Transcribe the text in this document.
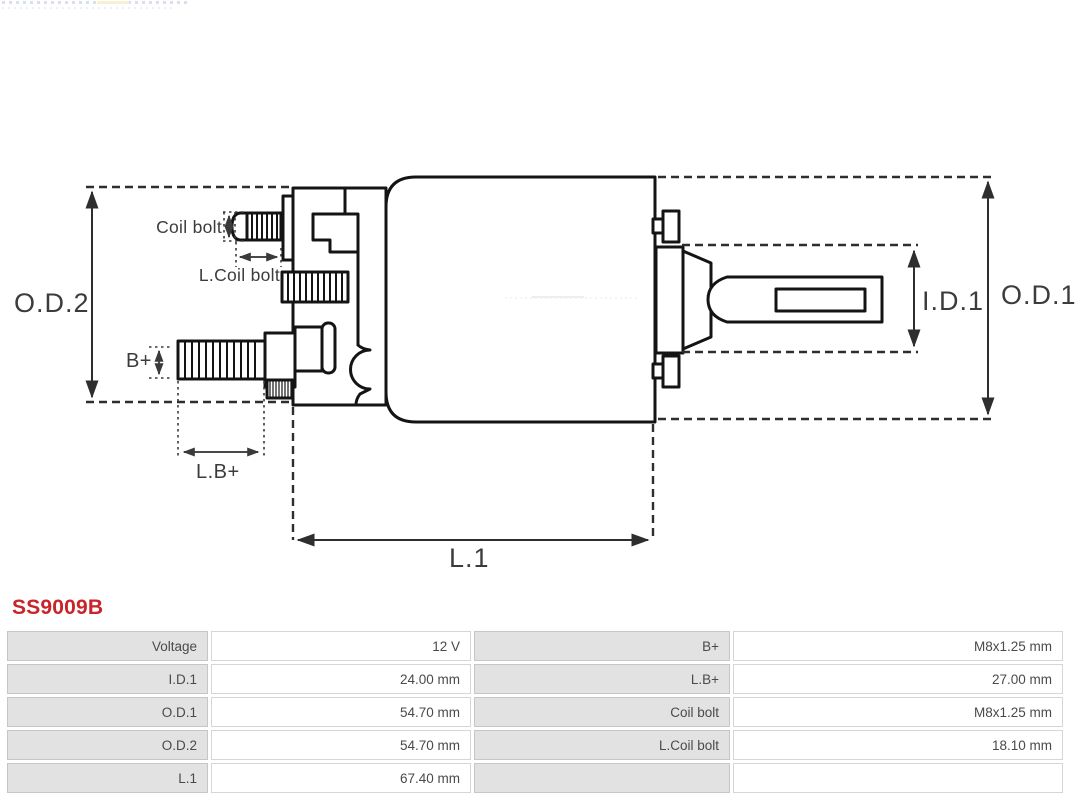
O.D.2	O.D.1
I.D.1
L.1
B+
L.B+
Coil bolt
L.Coil bolt
SS9009B
Voltage	12 V	B+	M8x1.25 mm
I.D.1	24.00 mm	L.B+	27.00 mm
O.D.1	54.70 mm	Coil bolt	M8x1.25 mm
O.D.2	54.70 mm	L.Coil bolt	18.10 mm
L.1	67.40 mm
